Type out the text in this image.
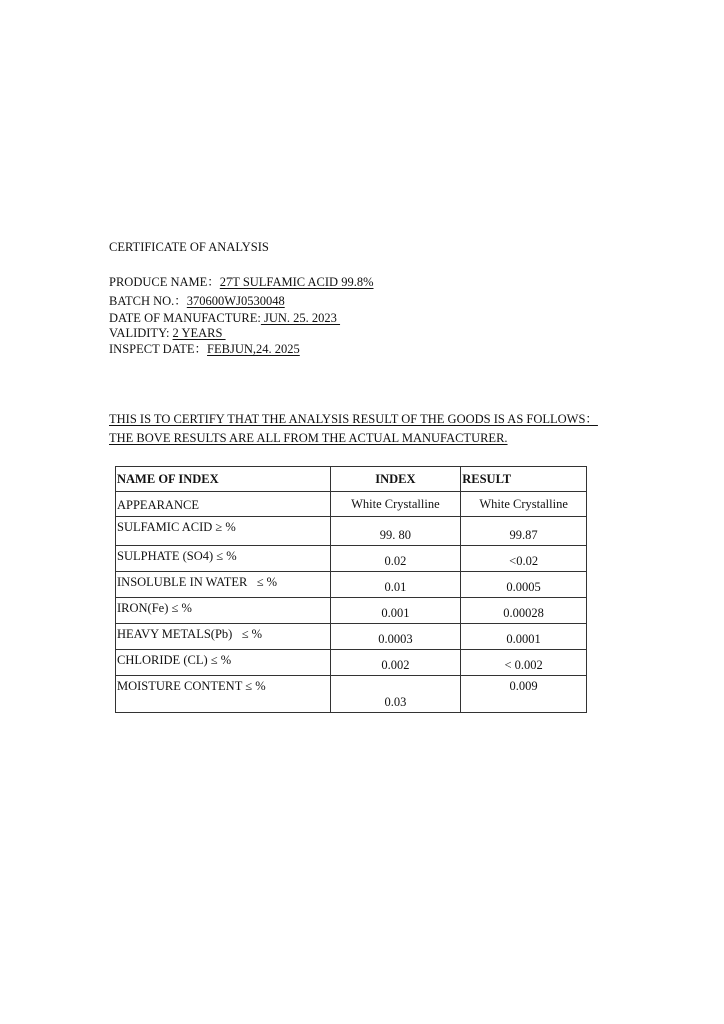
CERTIFICATE OF ANALYSIS
PRODUCE NAME：27T SULFAMIC ACID 99.8%
BATCH NO.：370600WJ0530048
DATE OF MANUFACTURE: JUN. 25. 2023
VALIDITY: 2 YEARS
INSPECT DATE：FEBJUN,24. 2025
THIS IS TO CERTIFY THAT THE ANALYSIS RESULT OF THE GOODS IS AS FOLLOWS：
THE BOVE RESULTS ARE ALL FROM THE ACTUAL MANUFACTURER.
NAME OF INDEX	INDEX	RESULT
APPEARANCE	White Crystalline	White Crystalline
SULFAMIC ACID ≥ %	99. 80	99.87
SULPHATE (SO4) ≤ %	0.02	<0.02
INSOLUBLE IN WATER   ≤ %	0.01	0.0005
IRON(Fe) ≤ %	0.001	0.00028
HEAVY METALS(Pb)   ≤ %	0.0003	0.0001
CHLORIDE (CL) ≤ %	0.002	< 0.002
MOISTURE CONTENT ≤ %	0.03	0.009
